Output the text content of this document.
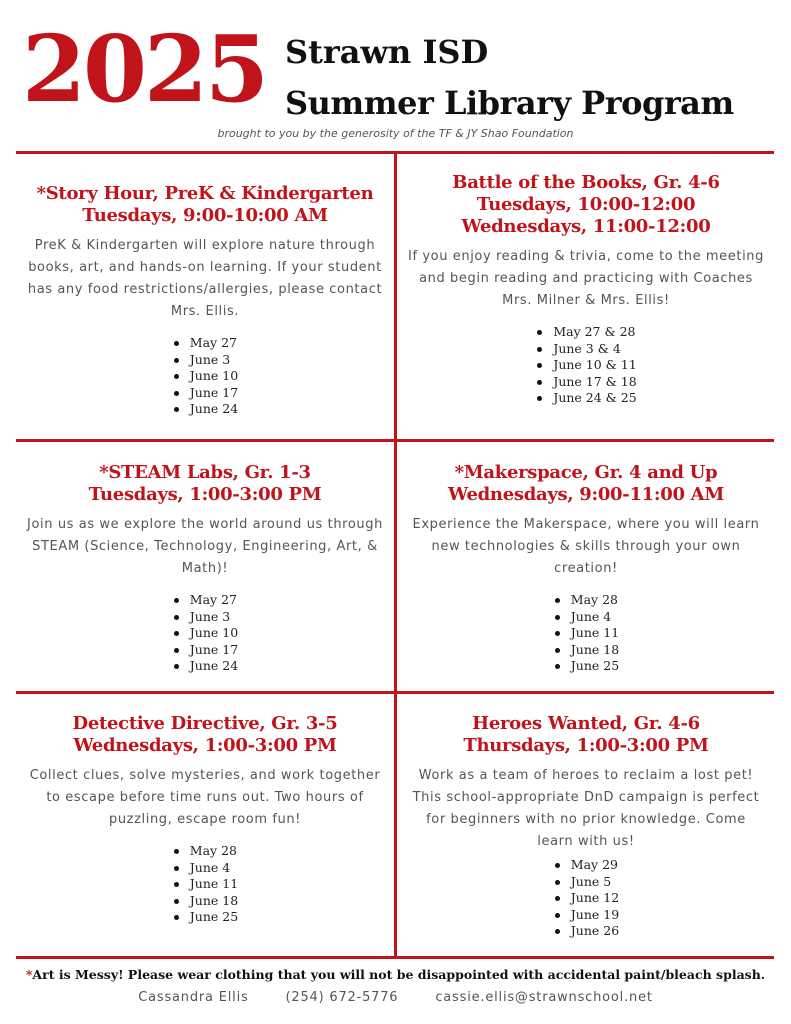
2025 Strawn ISD
Summer Library Program
brought to you by the generosity of the TF & JY Shao Foundation
*Story Hour, PreK & Kindergarten
Tuesdays, 9:00-10:00 AM
PreK & Kindergarten will explore nature through books, art, and hands-on learning. If your student has any food restrictions/allergies, please contact Mrs. Ellis.
May 27
June 3
June 10
June 17
June 24
Battle of the Books, Gr. 4-6
Tuesdays, 10:00-12:00
Wednesdays, 11:00-12:00
If you enjoy reading & trivia, come to the meeting and begin reading and practicing with Coaches Mrs. Milner & Mrs. Ellis!
May 27 & 28
June 3 & 4
June 10 & 11
June 17 & 18
June 24 & 25
*STEAM Labs, Gr. 1-3
Tuesdays, 1:00-3:00 PM
Join us as we explore the world around us through STEAM (Science, Technology, Engineering, Art, & Math)!
May 27
June 3
June 10
June 17
June 24
*Makerspace, Gr. 4 and Up
Wednesdays, 9:00-11:00 AM
Experience the Makerspace, where you will learn new technologies & skills through your own creation!
May 28
June 4
June 11
June 18
June 25
Detective Directive, Gr. 3-5
Wednesdays, 1:00-3:00 PM
Collect clues, solve mysteries, and work together to escape before time runs out. Two hours of puzzling, escape room fun!
May 28
June 4
June 11
June 18
June 25
Heroes Wanted, Gr. 4-6
Thursdays, 1:00-3:00 PM
Work as a team of heroes to reclaim a lost pet! This school-appropriate DnD campaign is perfect for beginners with no prior knowledge. Come learn with us!
May 29
June 5
June 12
June 19
June 26
*Art is Messy! Please wear clothing that you will not be disappointed with accidental paint/bleach splash.
Cassandra Ellis	(254) 672-5776	cassie.ellis@strawnschool.net
